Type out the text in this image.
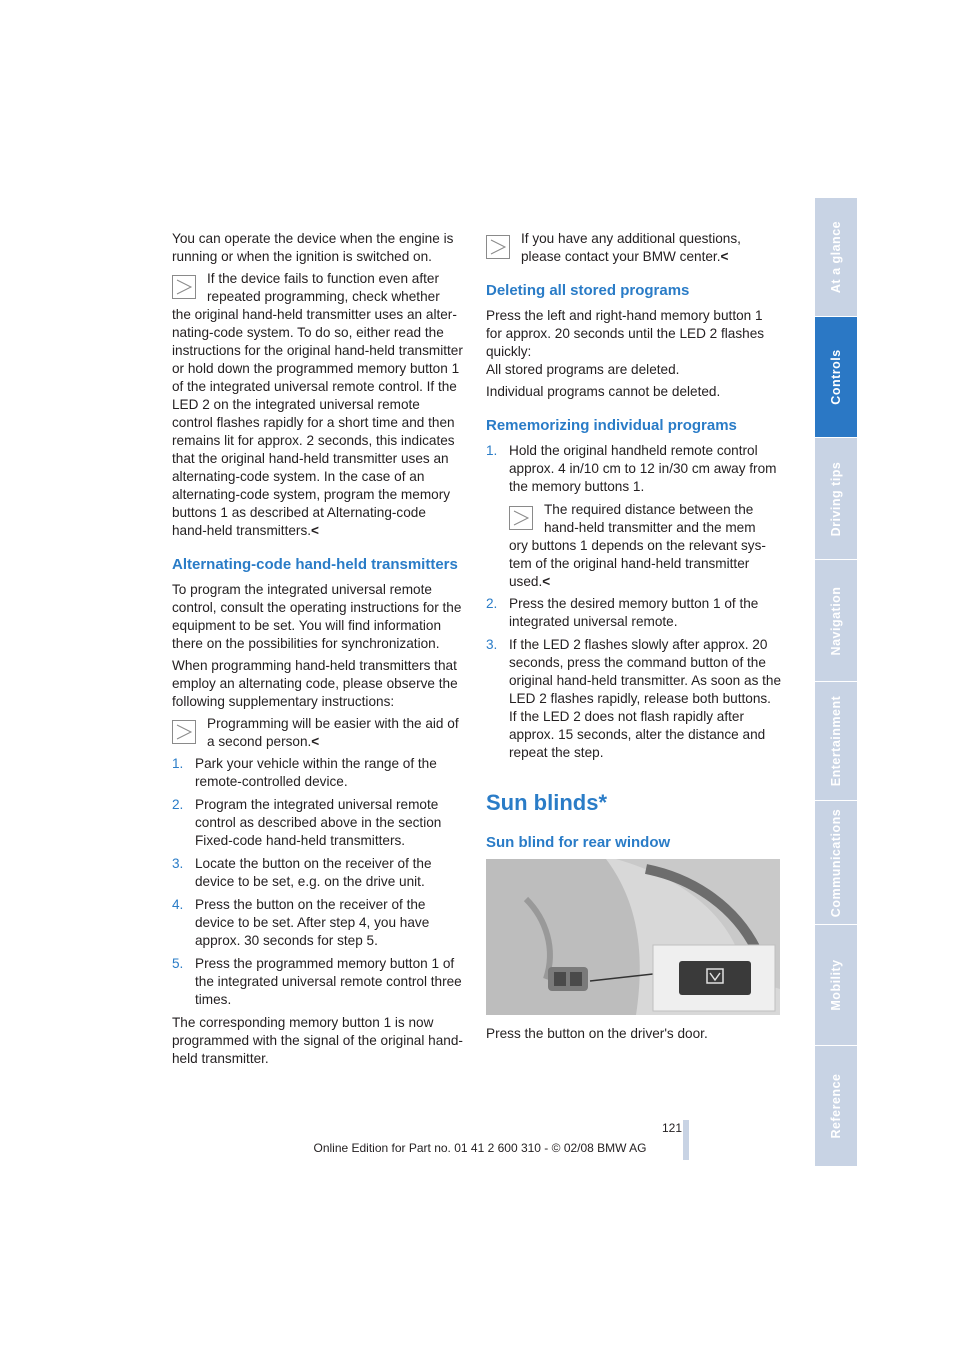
You can operate the device when the engine is running or when the ignition is switched on.

If the device fails to function even after repeated programming, check whether
the original hand-held transmitter uses an alternating-code system. To do so, either read the instructions for the original hand-held transmitter or hold down the programmed memory button 1 of the integrated universal remote control. If the LED 2 on the integrated universal remote control flashes rapidly for a short time and then remains lit for approx. 2 seconds, this indicates that the original hand-held transmitter uses an alternating-code system. In the case of an alternating-code system, program the memory buttons 1 as described at Alternating-code hand-held transmitters.<
Alternating-code hand-held transmitters

To program the integrated universal remote control, consult the operating instructions for the equipment to be set. You will find information there on the possibilities for synchronization.

When programming hand-held transmitters that employ an alternating code, please observe the following supplementary instructions:

Programming will be easier with the aid of a second person.<
1. Park your vehicle within the range of the remote-controlled device.
2. Program the integrated universal remote control as described above in the section Fixed-code hand-held transmitters.
3. Locate the button on the receiver of the device to be set, e.g. on the drive unit.
4. Press the button on the receiver of the device to be set. After step 4, you have approx. 30 seconds for step 5.
5. Press the programmed memory button 1 of the integrated universal remote control three times.

The corresponding memory button 1 is now programmed with the signal of the original hand-held transmitter.

If you have any additional questions, please contact your BMW center.<
Deleting all stored programs

Press the left and right-hand memory button 1 for approx. 20 seconds until the LED 2 flashes quickly:

All stored programs are deleted.

Individual programs cannot be deleted.

Rememorizing individual programs
1. Hold the original handheld remote control approx. 4 in/10 cm to 12 in/30 cm away from the memory buttons 1.
The required distance between the hand-held transmitter and the mem
ory buttons 1 depends on the relevant system of the original hand-held transmitter used.<
2. Press the desired memory button 1 of the integrated universal remote.
3. If the LED 2 flashes slowly after approx. 20 seconds, press the command button of the original hand-held transmitter. As soon as the LED 2 flashes rapidly, release both buttons. If the LED 2 does not flash rapidly after approx. 15 seconds, alter the distance and repeat the step.
Sun blinds*
Sun blind for rear window

Press the button on the driver's door.

At a glance
Controls
Driving tips
Navigation
Entertainment
Communications
Mobility
Reference
121
Online Edition for Part no. 01 41 2 600 310 - © 02/08 BMW AG
